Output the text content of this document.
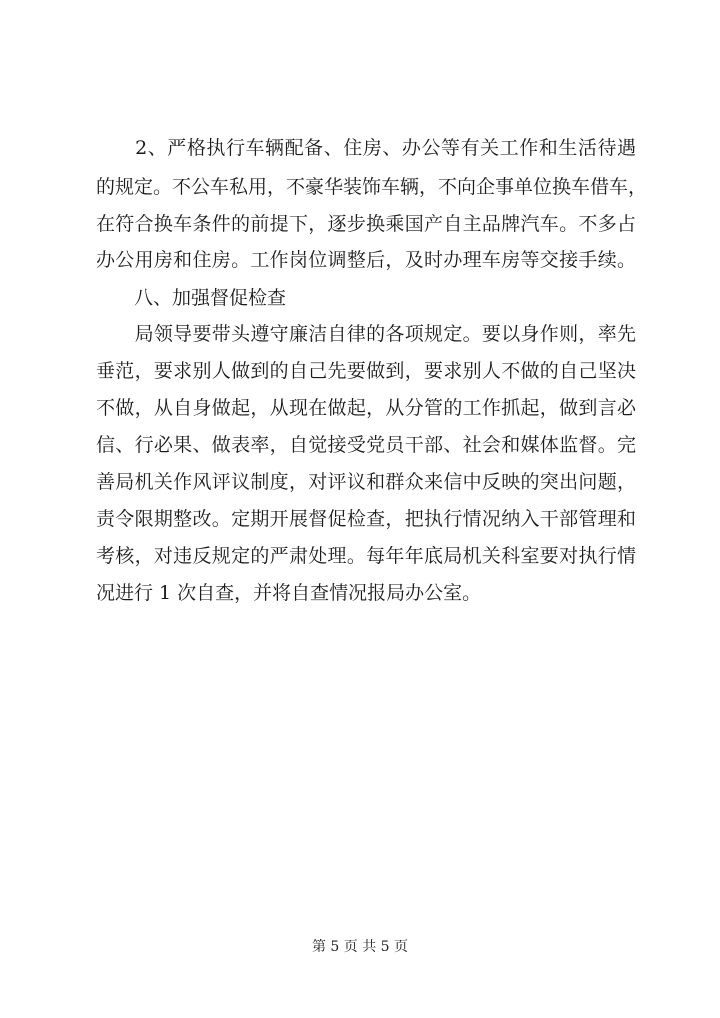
　　2、严格执行车辆配备、住房、办公等有关工作和生活待遇
的规定。不公车私用，不豪华装饰车辆，不向企事单位换车借车，
在符合换车条件的前提下，逐步换乘国产自主品牌汽车。不多占
办公用房和住房。工作岗位调整后，及时办理车房等交接手续。
　　八、加强督促检查
　　局领导要带头遵守廉洁自律的各项规定。要以身作则，率先
垂范，要求别人做到的自己先要做到，要求别人不做的自己坚决
不做，从自身做起，从现在做起，从分管的工作抓起，做到言必
信、行必果、做表率，自觉接受党员干部、社会和媒体监督。完
善局机关作风评议制度，对评议和群众来信中反映的突出问题，
责令限期整改。定期开展督促检查，把执行情况纳入干部管理和
考核，对违反规定的严肃处理。每年年底局机关科室要对执行情
况进行 1 次自查，并将自查情况报局办公室。
第 5 页 共 5 页
